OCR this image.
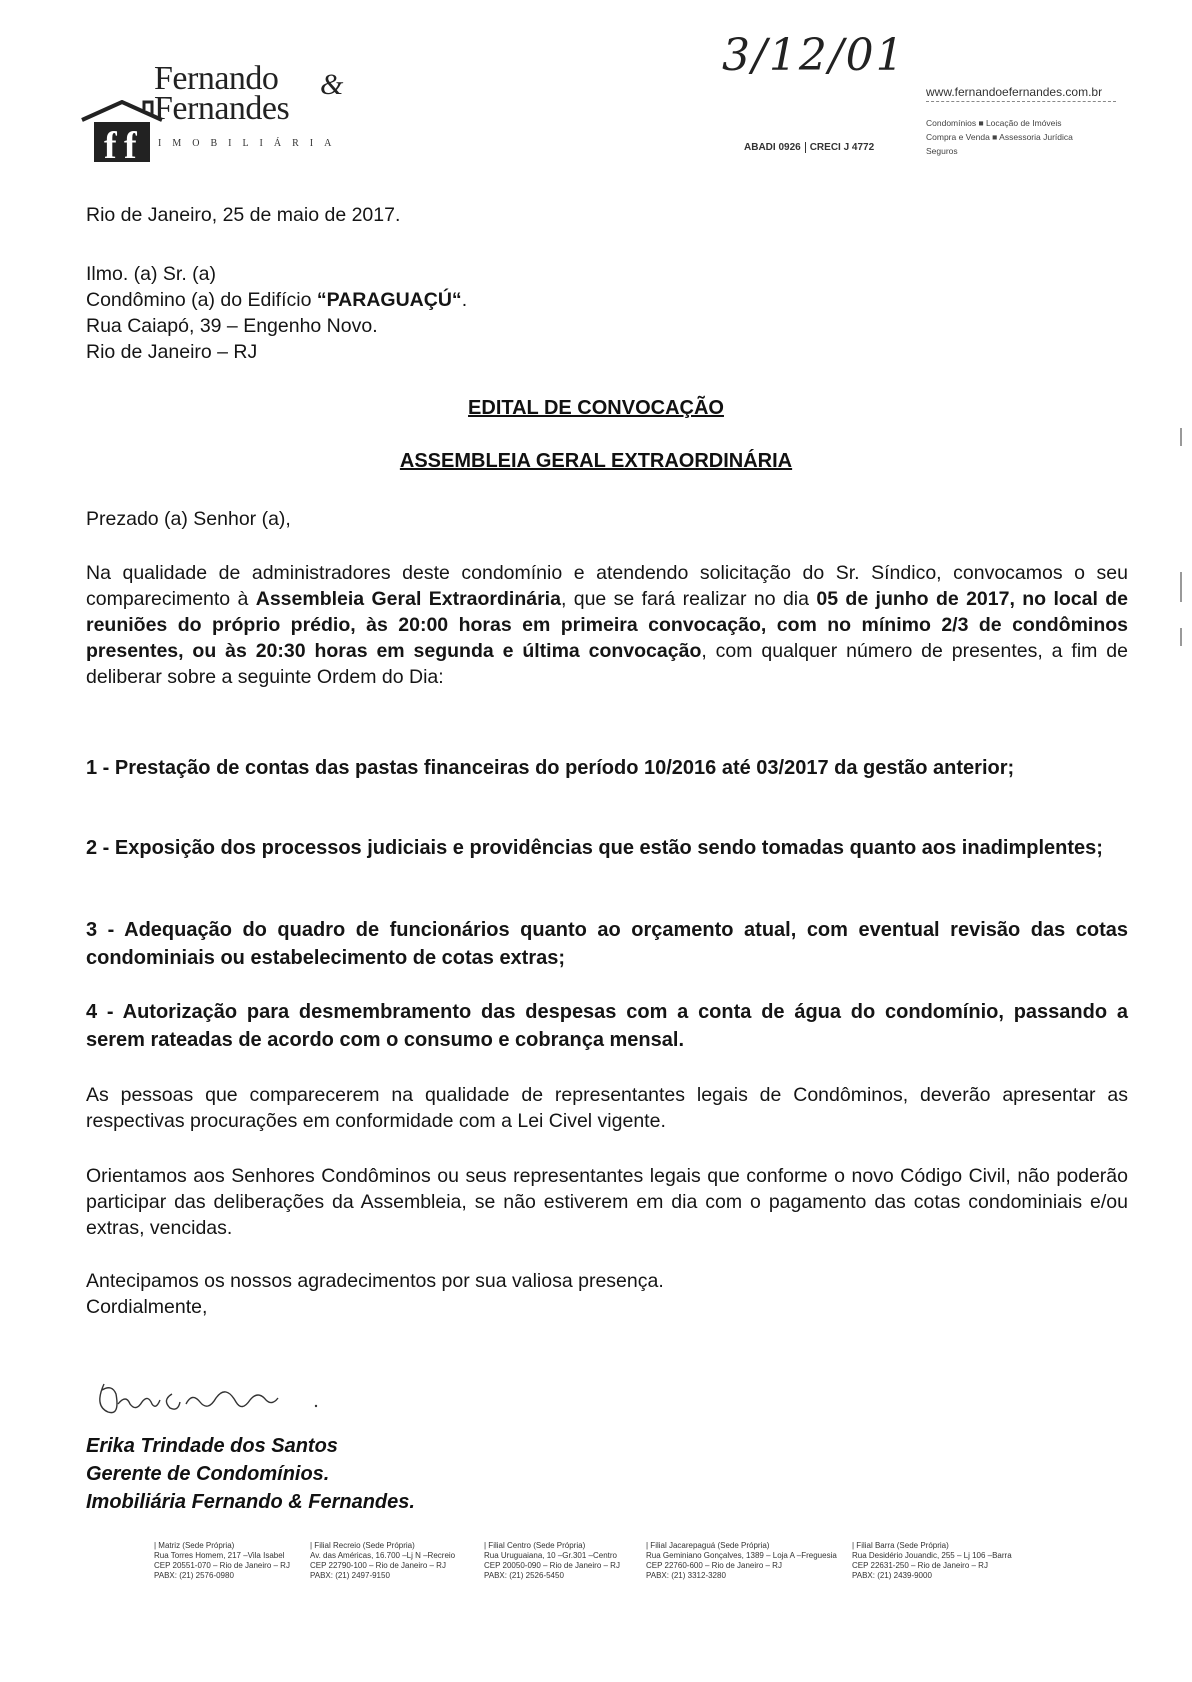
f f
Fernando &
Fernandes
IMOBILIÁRIA
3/12/01
www.fernandoefernandes.com.br
Condomínios ■ Locação de Imóveis
Compra e Venda ■ Assessoria Jurídica
Seguros
ABADI 0926 CRECI J 4772
Rio de Janeiro, 25 de maio de 2017.
Ilmo. (a) Sr. (a)
Condômino (a) do Edifício “PARAGUAÇÚ“.
Rua Caiapó, 39 – Engenho Novo.
Rio de Janeiro – RJ
EDITAL DE CONVOCAÇÃO
ASSEMBLEIA GERAL EXTRAORDINÁRIA
Prezado (a) Senhor (a),
Na qualidade de administradores deste condomínio e atendendo solicitação do Sr. Síndico, convocamos o seu comparecimento à Assembleia Geral Extraordinária, que se fará realizar no dia 05 de junho de 2017, no local de reuniões do próprio prédio, às 20:00 horas em primeira convocação, com no mínimo 2/3 de condôminos presentes, ou às 20:30 horas em segunda e última convocação, com qualquer número de presentes, a fim de deliberar sobre a seguinte Ordem do Dia:
1 - Prestação de contas das pastas financeiras do período 10/2016 até 03/2017 da gestão anterior;
2 - Exposição dos processos judiciais e providências que estão sendo tomadas quanto aos inadimplentes;
3 - Adequação do quadro de funcionários quanto ao orçamento atual, com eventual revisão das cotas condominiais ou estabelecimento de cotas extras;
4 - Autorização para desmembramento das despesas com a conta de água do condomínio, passando a serem rateadas de acordo com o consumo e cobrança mensal.
As pessoas que comparecerem na qualidade de representantes legais de Condôminos, deverão apresentar as respectivas procurações em conformidade com a Lei Civel vigente.
Orientamos aos Senhores Condôminos ou seus representantes legais que conforme o novo Código Civil, não poderão participar das deliberações da Assembleia, se não estiverem em dia com o pagamento das cotas condominiais e/ou extras, vencidas.
Antecipamos os nossos agradecimentos por sua valiosa presença.
Cordialmente,
Erika Trindade dos Santos
Gerente de Condomínios.
Imobiliária Fernando & Fernandes.
| Matriz (Sede Própria)
Rua Torres Homem, 217 –Vila Isabel
CEP 20551-070 – Rio de Janeiro – RJ
PABX: (21) 2576-0980
| Filial Recreio (Sede Própria)
Av. das Américas, 16.700 –Lj N –Recreio
CEP 22790-100 – Rio de Janeiro – RJ
PABX: (21) 2497-9150
| Filial Centro (Sede Própria)
Rua Uruguaiana, 10 –Gr.301 –Centro
CEP 20050-090 – Rio de Janeiro – RJ
PABX: (21) 2526-5450
| Filial Jacarepaguá (Sede Própria)
Rua Geminiano Gonçalves, 1389 – Loja A –Freguesia
CEP 22760-600 – Rio de Janeiro – RJ
PABX: (21) 3312-3280
| Filial Barra (Sede Própria)
Rua Desidério Jouandic, 255 – Lj 106 –Barra
CEP 22631-250 – Rio de Janeiro – RJ
PABX: (21) 2439-9000
